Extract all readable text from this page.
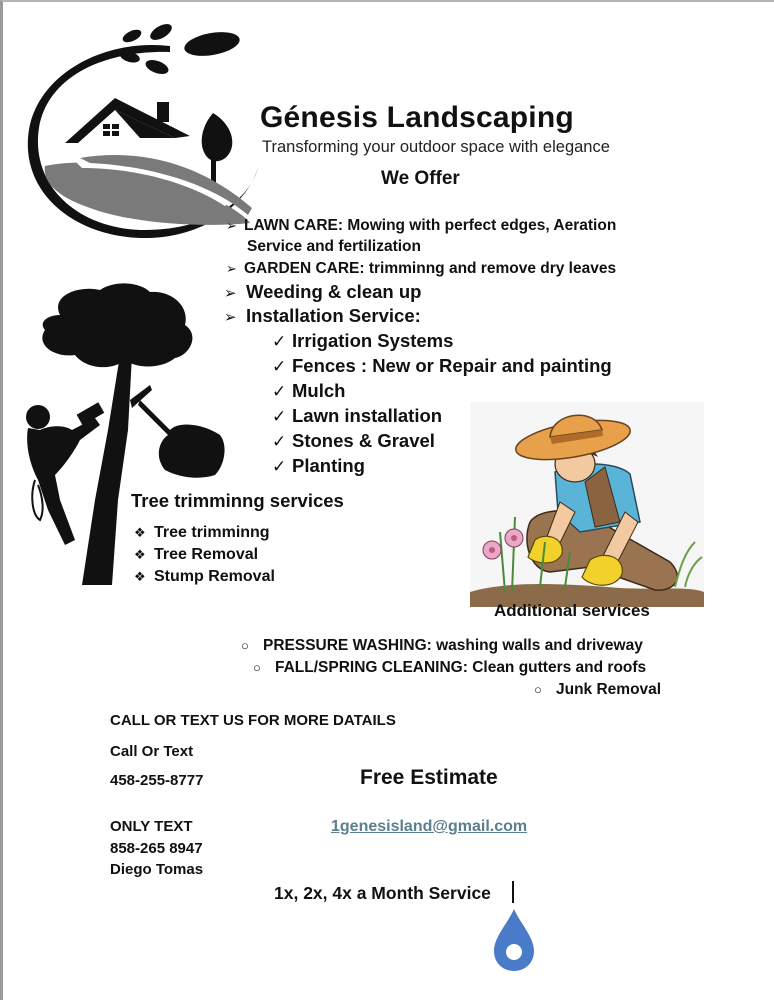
Génesis Landscaping
Transforming your outdoor space with elegance
We Offer
➢ LAWN CARE: Mowing with perfect edges, Aeration
Service and fertilization
➢ GARDEN CARE: trimminng and remove dry leaves
➢ Weeding & clean up
➢ Installation Service:
✓ Irrigation Systems
✓ Fences : New or Repair and painting
✓ Mulch
✓ Lawn installation
✓ Stones & Gravel
✓ Planting
Tree trimminng services
❖ Tree trimminng
❖ Tree Removal
❖ Stump Removal
Additional services
○ PRESSURE WASHING: washing walls and driveway
○ FALL/SPRING CLEANING: Clean gutters and roofs
○ Junk Removal
CALL OR TEXT US FOR MORE DATAILS
Call Or Text
458-255-8777	Free Estimate
ONLY TEXT
858-265 8947
Diego Tomas
1genesisland@gmail.com
1x, 2x, 4x a Month Service
